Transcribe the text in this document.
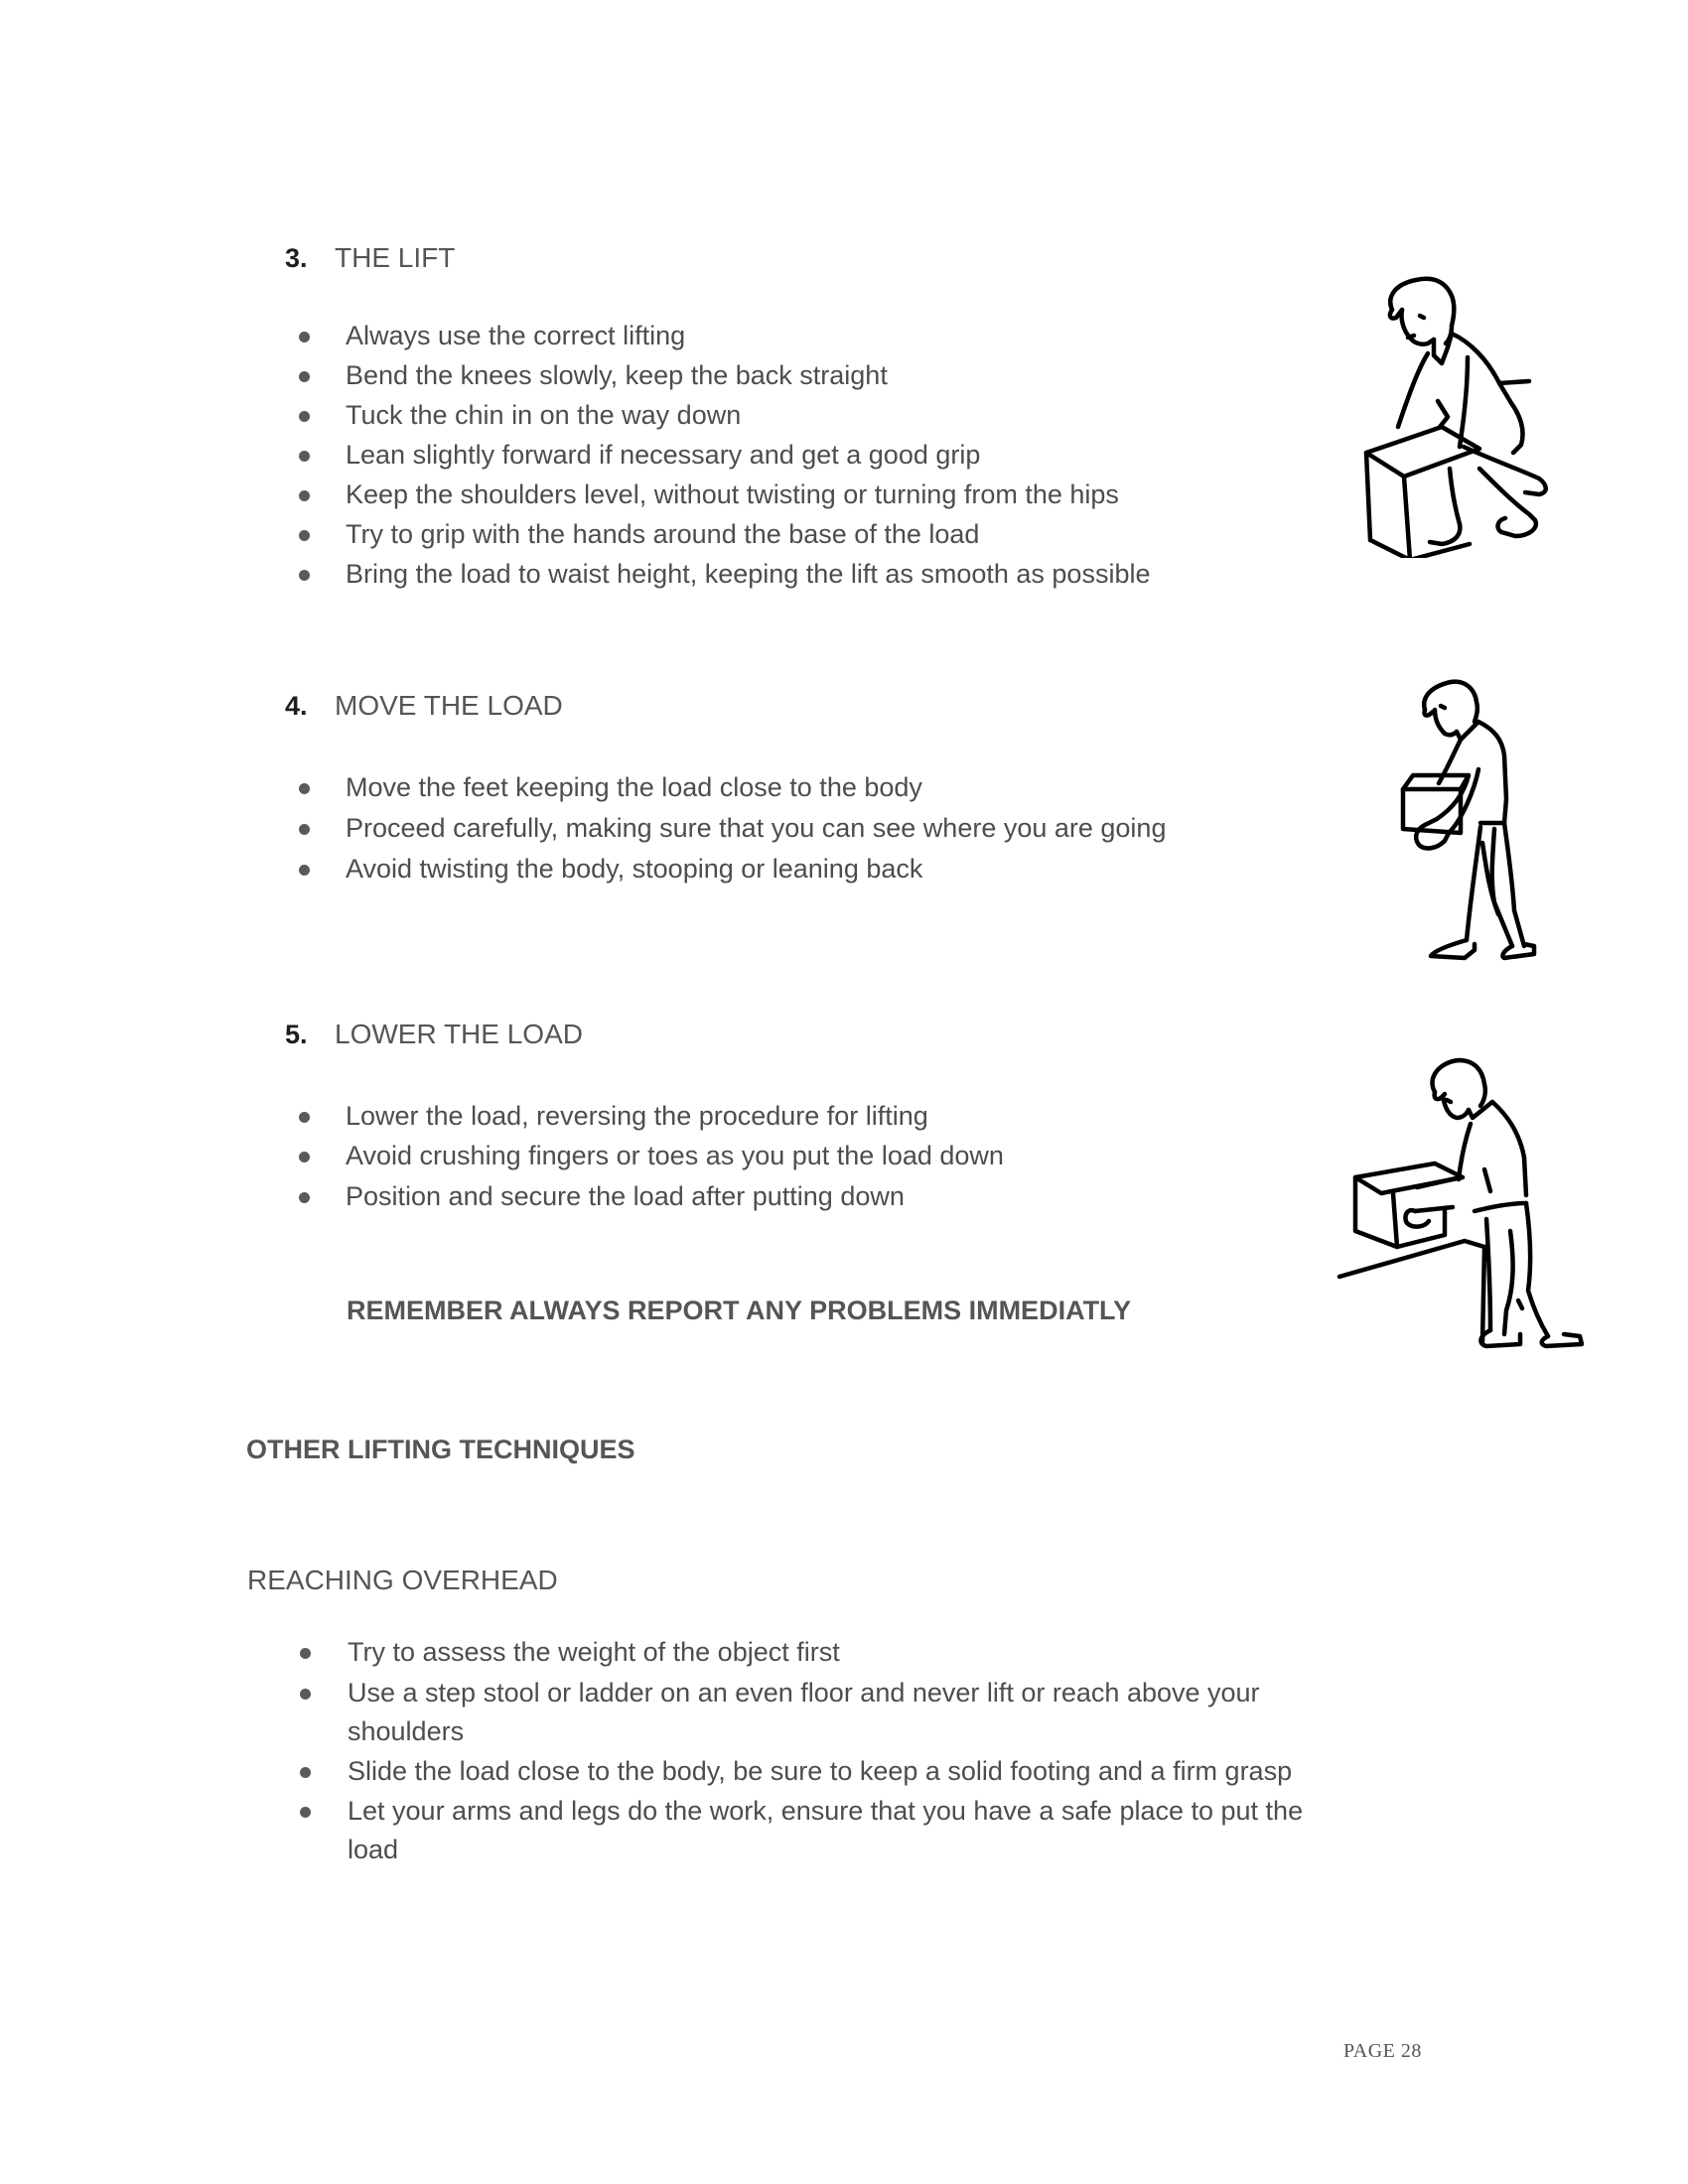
3. THE LIFT
Always use the correct lifting
Bend the knees slowly, keep the back straight
Tuck the chin in on the way down
Lean slightly forward if necessary and get a good grip
Keep the shoulders level, without twisting or turning from the hips
Try to grip with the hands around the base of the load
Bring the load to waist height, keeping the lift as smooth as possible
4. MOVE THE LOAD
Move the feet keeping the load close to the body
Proceed carefully, making sure that you can see where you are going
Avoid twisting the body, stooping or leaning back
5. LOWER THE LOAD
Lower the load, reversing the procedure for lifting
Avoid crushing fingers or toes as you put the load down
Position and secure the load after putting down
REMEMBER ALWAYS REPORT ANY PROBLEMS IMMEDIATLY
OTHER LIFTING TECHNIQUES
REACHING OVERHEAD
Try to assess the weight of the object first
Use a step stool or ladder on an even floor and never lift or reach above your
shoulders
Slide the load close to the body, be sure to keep a solid footing and a firm grasp
Let your arms and legs do the work, ensure that you have a safe place to put the
load
PAGE 28
